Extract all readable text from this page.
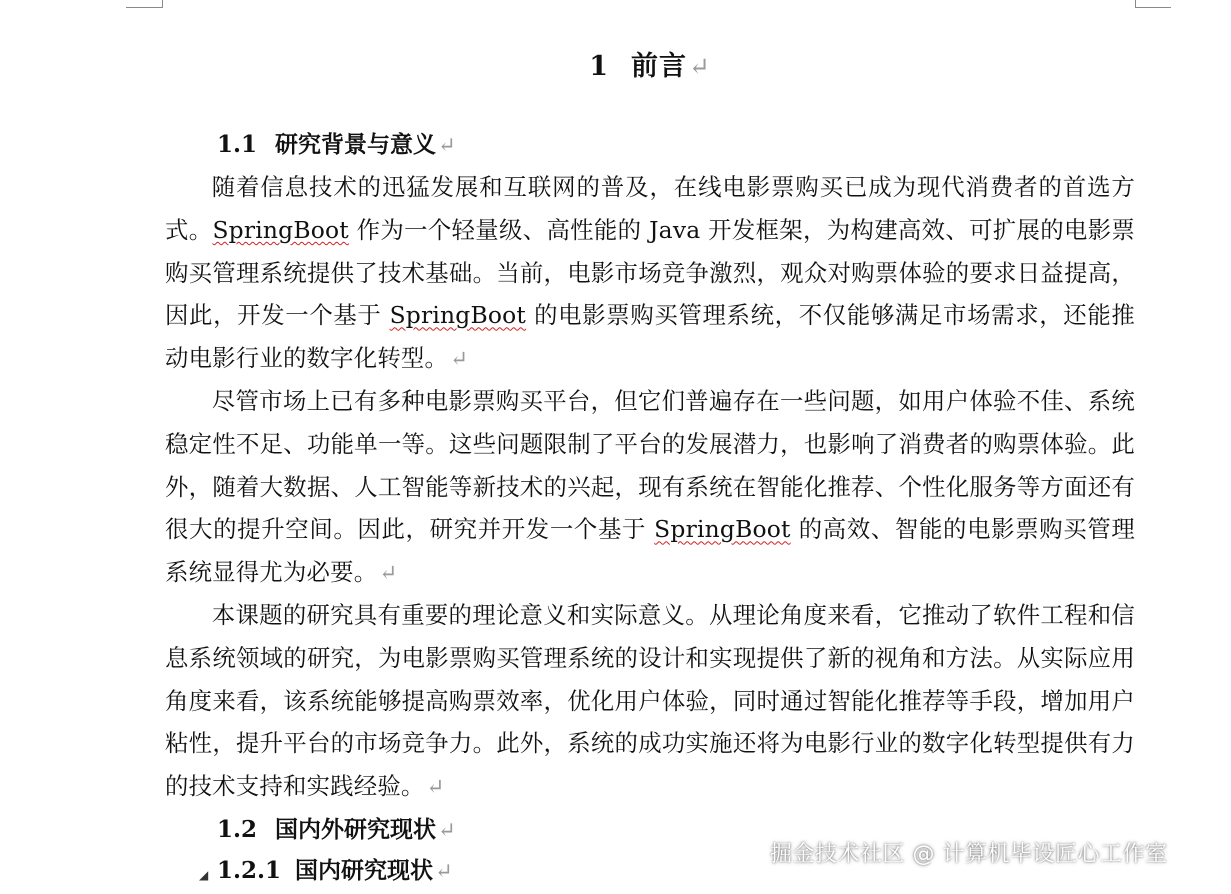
1 前言↵
1.1 研究背景与意义↵

随着信息技术的迅猛发展和互联网的普及，在线电影票购买已成为现代消费者的首选方式。SpringBoot 作为一个轻量级、高性能的 Java 开发框架，为构建高效、可扩展的电影票购买管理系统提供了技术基础。当前，电影市场竞争激烈，观众对购票体验的要求日益提高，因此，开发一个基于 SpringBoot 的电影票购买管理系统，不仅能够满足市场需求，还能推动电影行业的数字化转型。↵

尽管市场上已有多种电影票购买平台，但它们普遍存在一些问题，如用户体验不佳、系统稳定性不足、功能单一等。这些问题限制了平台的发展潜力，也影响了消费者的购票体验。此外，随着大数据、人工智能等新技术的兴起，现有系统在智能化推荐、个性化服务等方面还有很大的提升空间。因此，研究并开发一个基于 SpringBoot 的高效、智能的电影票购买管理系统显得尤为必要。↵

本课题的研究具有重要的理论意义和实际意义。从理论角度来看，它推动了软件工程和信息系统领域的研究，为电影票购买管理系统的设计和实现提供了新的视角和方法。从实际应用角度来看，该系统能够提高购票效率，优化用户体验，同时通过智能化推荐等手段，增加用户粘性，提升平台的市场竞争力。此外，系统的成功实施还将为电影行业的数字化转型提供有力的技术支持和实践经验。↵

1.2 国内外研究现状↵
◢ 1.2.1 国内研究现状↵
掘金技术社区 @ 计算机毕设匠心工作室
